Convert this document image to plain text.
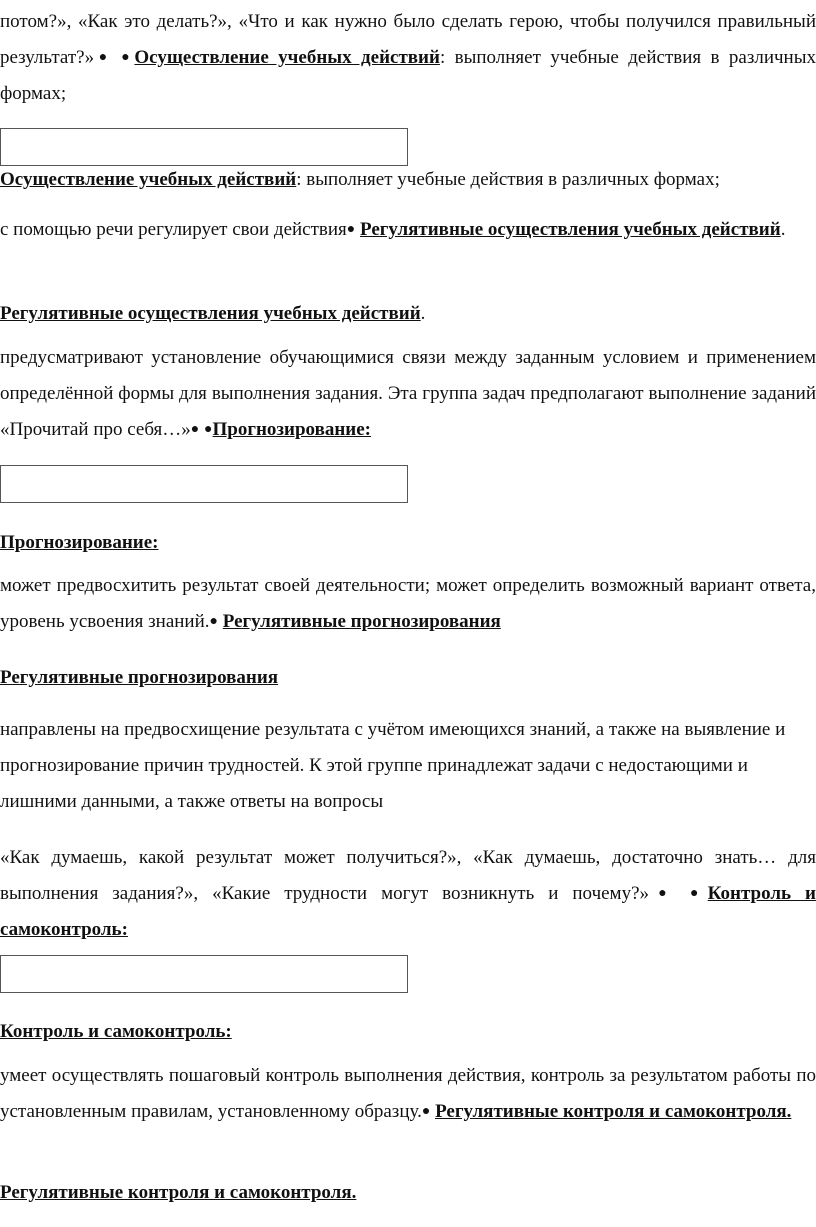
потом?», «Как это делать?», «Что и как нужно было сделать герою, чтобы получился правильный результат?»● ●Осуществление учебных действий: выполняет учебные действия в различных формах;

Осуществление учебных действий: выполняет учебные действия в различных формах;

с помощью речи регулирует свои действия● Регулятивные осуществления учебных действий.

Регулятивные осуществления учебных действий.

предусматривают установление обучающимися связи между заданным условием и применением определённой формы для выполнения задания. Эта группа задач предполагают выполнение заданий «Прочитай про себя…»● ●Прогнозирование:

Прогнозирование:

может предвосхитить результат своей деятельности; может определить возможный вариант ответа, уровень усвоения знаний.● Регулятивные прогнозирования

Регулятивные прогнозирования

направлены на предвосхищение результата с учётом имеющихся знаний, а также на выявление и прогнозирование причин трудностей. К этой группе принадлежат задачи с недостающими и лишними данными, а также ответы на вопросы

«Как думаешь, какой результат может получиться?», «Как думаешь, достаточно знать… для выполнения задания?», «Какие трудности могут возникнуть и почему?»● ●Контроль и самоконтроль:

Контроль и самоконтроль:

умеет осуществлять пошаговый контроль выполнения действия, контроль за результатом работы по установленным правилам, установленному образцу.● Регулятивные контроля и самоконтроля.

Регулятивные контроля и самоконтроля.
